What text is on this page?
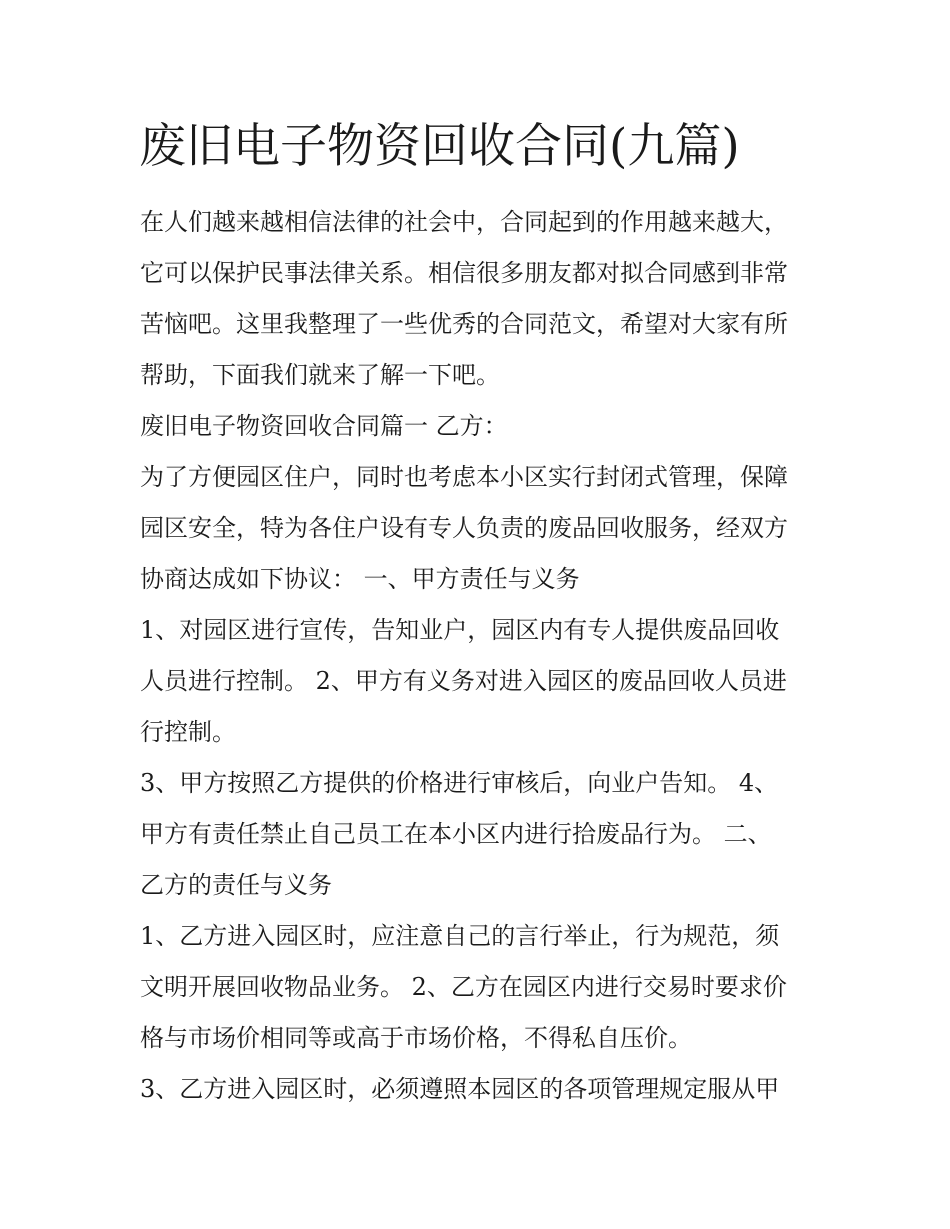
废旧电子物资回收合同(九篇)
在人们越来越相信法律的社会中，合同起到的作用越来越大，
它可以保护民事法律关系。相信很多朋友都对拟合同感到非常
苦恼吧。这里我整理了一些优秀的合同范文，希望对大家有所
帮助，下面我们就来了解一下吧。
废旧电子物资回收合同篇一 乙方：
为了方便园区住户，同时也考虑本小区实行封闭式管理，保障
园区安全，特为各住户设有专人负责的废品回收服务，经双方
协商达成如下协议： 一、甲方责任与义务
1、对园区进行宣传，告知业户，园区内有专人提供废品回收
人员进行控制。 2、甲方有义务对进入园区的废品回收人员进
行控制。
3、甲方按照乙方提供的价格进行审核后，向业户告知。 4、
甲方有责任禁止自己员工在本小区内进行拾废品行为。 二、
乙方的责任与义务
1、乙方进入园区时，应注意自己的言行举止，行为规范，须
文明开展回收物品业务。 2、乙方在园区内进行交易时要求价
格与市场价相同等或高于市场价格，不得私自压价。
3、乙方进入园区时，必须遵照本园区的各项管理规定服从甲
